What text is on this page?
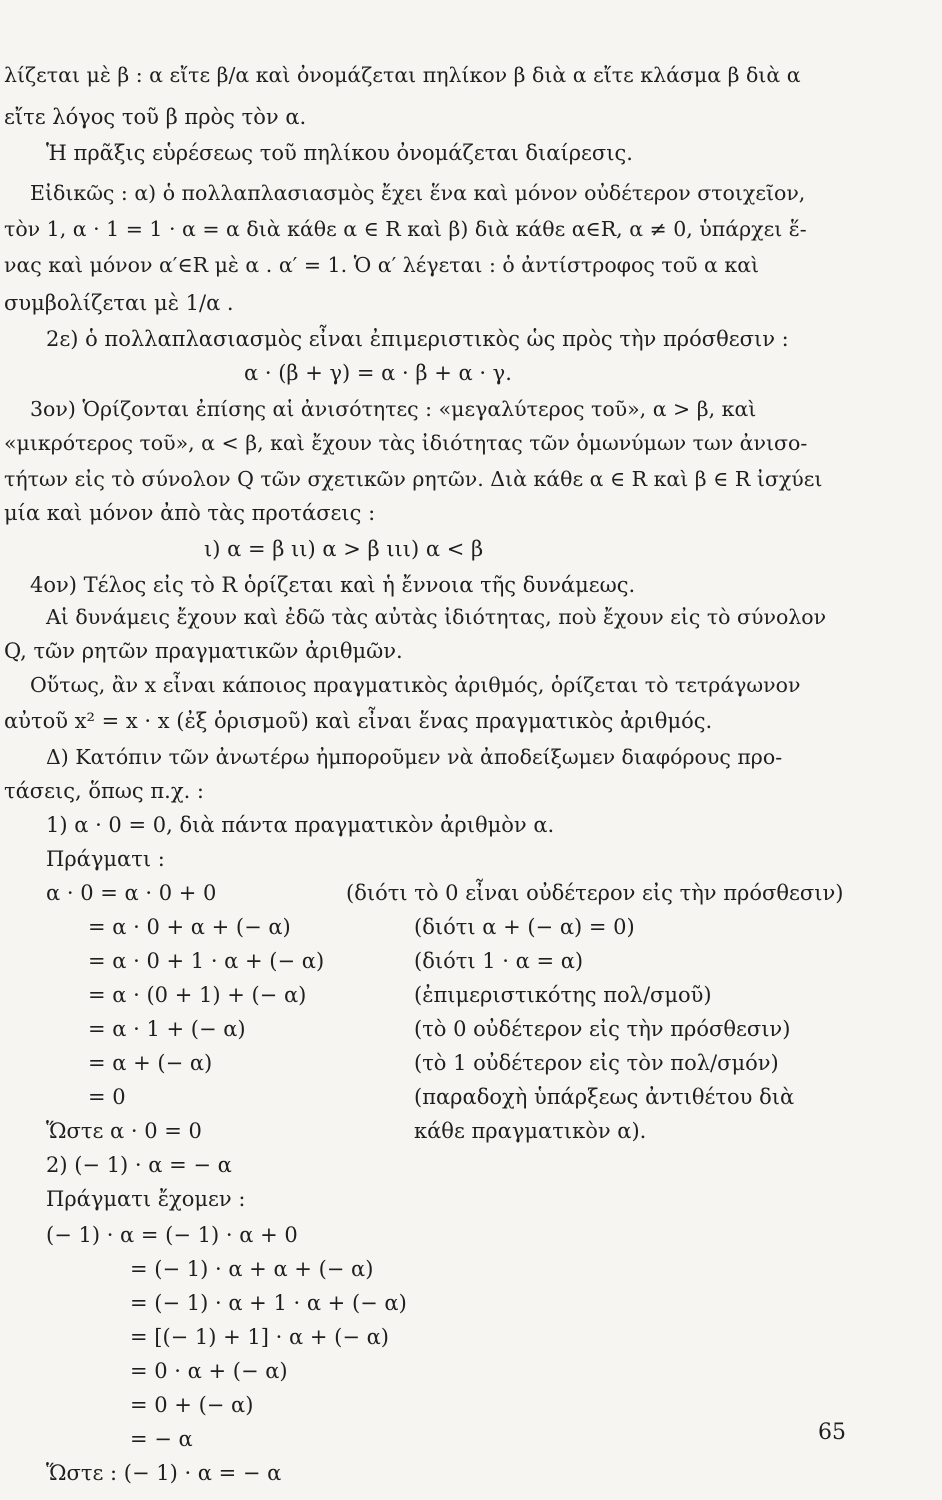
λίζεται μὲ β : α εἴτε β/α καὶ ὀνομάζεται πηλίκον β διὰ α εἴτε κλάσμα β διὰ α
εἴτε λόγος τοῦ β πρὸς τὸν α.
Ἡ πρᾶξις εὑρέσεως τοῦ πηλίκου ὀνομάζεται διαίρεσις.
Εἰδικῶς : α) ὁ πολλαπλασιασμὸς ἔχει ἕνα καὶ μόνον οὐδέτερον στοιχεῖον,
τὸν 1, α · 1 = 1 · α = α διὰ κάθε α ∈ R καὶ β) διὰ κάθε α∈R, α ≠ 0, ὑπάρχει ἕ-
νας καὶ μόνον α′∈R μὲ α . α′ = 1. Ὁ α′ λέγεται : ὁ ἀντίστροφος τοῦ α καὶ
συμβολίζεται μὲ 1/α .
2ε) ὁ πολλαπλασιασμὸς εἶναι ἐπιμεριστικὸς ὡς πρὸς τὴν πρόσθεσιν :
α · (β + γ) = α · β + α · γ.
3ον) Ὁρίζονται ἐπίσης αἱ ἀνισότητες : «μεγαλύτερος τοῦ», α > β, καὶ
«μικρότερος τοῦ», α < β, καὶ ἔχουν τὰς ἰδιότητας τῶν ὁμωνύμων των ἀνισο-
τήτων εἰς τὸ σύνολον Q τῶν σχετικῶν ρητῶν. Διὰ κάθε α ∈ R καὶ β ∈ R ἰσχύει
μία καὶ μόνον ἀπὸ τὰς προτάσεις :
ι) α = β ιι) α > β ιιι) α < β
4ον) Τέλος εἰς τὸ R ὁρίζεται καὶ ἡ ἔννοια τῆς δυνάμεως.
Αἱ δυνάμεις ἔχουν καὶ ἐδῶ τὰς αὐτὰς ἰδιότητας, ποὺ ἔχουν εἰς τὸ σύνολον
Q, τῶν ρητῶν πραγματικῶν ἀριθμῶν.
Οὕτως, ἂν x εἶναι κάποιος πραγματικὸς ἀριθμός, ὁρίζεται τὸ τετράγωνον
αὐτοῦ x² = x · x (ἐξ ὁρισμοῦ) καὶ εἶναι ἕνας πραγματικὸς ἀριθμός.
Δ) Κατόπιν τῶν ἀνωτέρω ἠμποροῦμεν νὰ ἀποδείξωμεν διαφόρους προ-
τάσεις, ὅπως π.χ. :
1) α · 0 = 0, διὰ πάντα πραγματικὸν ἀριθμὸν α.
Πράγματι :
α · 0 = α · 0 + 0	(διότι τὸ 0 εἶναι οὐδέτερον εἰς τὴν πρόσθεσιν)
= α · 0 + α + (− α)	(διότι α + (− α) = 0)
= α · 0 + 1 · α + (− α)	(διότι 1 · α = α)
= α · (0 + 1) + (− α)	(ἐπιμεριστικότης πολ/σμοῦ)
= α · 1 + (− α)	(τὸ 0 οὐδέτερον εἰς τὴν πρόσθεσιν)
= α + (− α)	(τὸ 1 οὐδέτερον εἰς τὸν πολ/σμόν)
= 0	(παραδοχὴ ὑπάρξεως ἀντιθέτου διὰ
Ὥστε α · 0 = 0	κάθε πραγματικὸν α).
2) (− 1) · α = − α
Πράγματι ἔχομεν :
(− 1) · α = (− 1) · α + 0
= (− 1) · α + α + (− α)
= (− 1) · α + 1 · α + (− α)
= [(− 1) + 1] · α + (− α)
= 0 · α + (− α)
= 0 + (− α)
= − α
Ὥστε : (− 1) · α = − α
65
